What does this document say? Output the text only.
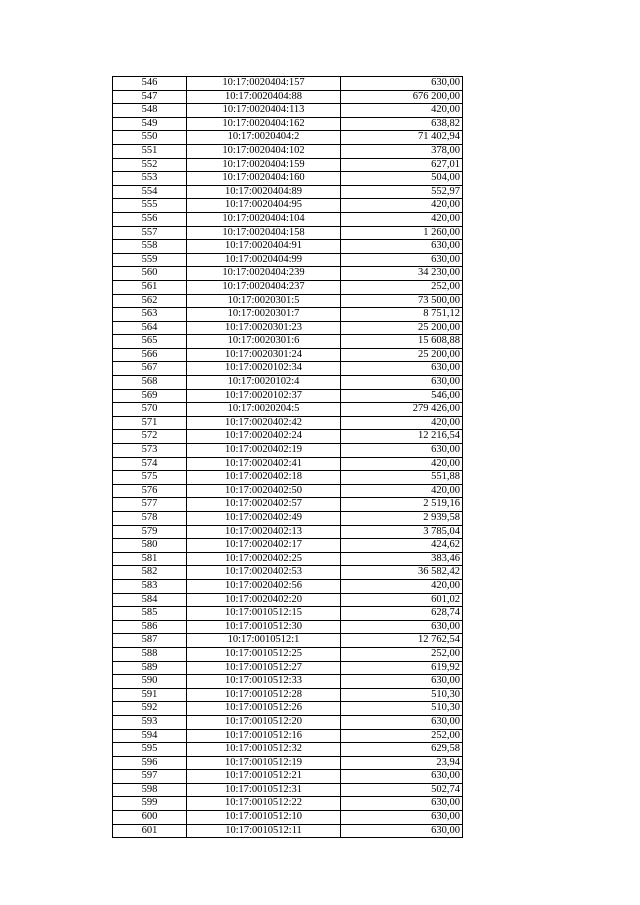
546	10:17:0020404:157	630,00
547	10:17:0020404:88	676 200,00
548	10:17:0020404:113	420,00
549	10:17:0020404:162	638,82
550	10:17:0020404:2	71 402,94
551	10:17:0020404:102	378,00
552	10:17:0020404:159	627,01
553	10:17:0020404:160	504,00
554	10:17:0020404:89	552,97
555	10:17:0020404:95	420,00
556	10:17:0020404:104	420,00
557	10:17:0020404:158	1 260,00
558	10:17:0020404:91	630,00
559	10:17:0020404:99	630,00
560	10:17:0020404:239	34 230,00
561	10:17:0020404:237	252,00
562	10:17:0020301:5	73 500,00
563	10:17:0020301:7	8 751,12
564	10:17:0020301:23	25 200,00
565	10:17:0020301:6	15 608,88
566	10:17:0020301:24	25 200,00
567	10:17:0020102:34	630,00
568	10:17:0020102:4	630,00
569	10:17:0020102:37	546,00
570	10:17:0020204:5	279 426,00
571	10:17:0020402:42	420,00
572	10:17:0020402:24	12 216,54
573	10:17:0020402:19	630,00
574	10:17:0020402:41	420,00
575	10:17:0020402:18	551,88
576	10:17:0020402:50	420,00
577	10:17:0020402:57	2 519,16
578	10:17:0020402:49	2 939,58
579	10:17:0020402:13	3 785,04
580	10:17:0020402:17	424,62
581	10:17:0020402:25	383,46
582	10:17:0020402:53	36 582,42
583	10:17:0020402:56	420,00
584	10:17:0020402:20	601,02
585	10:17:0010512:15	628,74
586	10:17:0010512:30	630,00
587	10:17:0010512:1	12 762,54
588	10:17:0010512:25	252,00
589	10:17:0010512:27	619,92
590	10:17:0010512:33	630,00
591	10:17:0010512:28	510,30
592	10:17:0010512:26	510,30
593	10:17:0010512:20	630,00
594	10:17:0010512:16	252,00
595	10:17:0010512:32	629,58
596	10:17:0010512:19	23,94
597	10:17:0010512:21	630,00
598	10:17:0010512:31	502,74
599	10:17:0010512:22	630,00
600	10:17:0010512:10	630,00
601	10:17:0010512:11	630,00
